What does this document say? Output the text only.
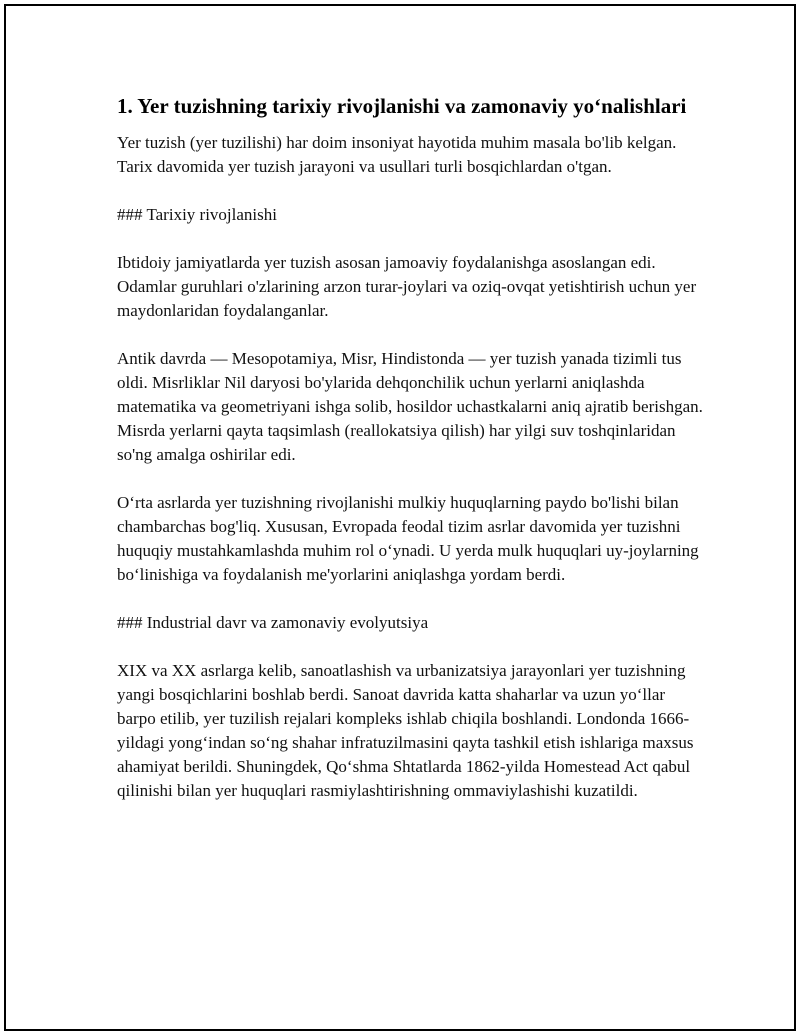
1. Yer tuzishning tarixiy rivojlanishi va zamonaviy yo‘nalishlari

Yer tuzish (yer tuzilishi) har doim insoniyat hayotida muhim masala bo'lib kelgan. Tarix davomida yer tuzish jarayoni va usullari turli bosqichlardan o'tgan.

### Tarixiy rivojlanishi

Ibtidoiy jamiyatlarda yer tuzish asosan jamoaviy foydalanishga asoslangan edi. Odamlar guruhlari o'zlarining arzon turar-joylari va oziq-ovqat yetishtirish uchun yer maydonlaridan foydalanganlar.

Antik davrda — Mesopotamiya, Misr, Hindistonda — yer tuzish yanada tizimli tus oldi. Misrliklar Nil daryosi bo'ylarida dehqonchilik uchun yerlarni aniqlashda matematika va geometriyani ishga solib, hosildor uchastkalarni aniq ajratib berishgan. Misrda yerlarni qayta taqsimlash (reallokatsiya qilish) har yilgi suv toshqinlaridan so'ng amalga oshirilar edi.

O‘rta asrlarda yer tuzishning rivojlanishi mulkiy huquqlarning paydo bo'lishi bilan chambarchas bog'liq. Xususan, Evropada feodal tizim asrlar davomida yer tuzishni huquqiy mustahkamlashda muhim rol o‘ynadi. U yerda mulk huquqlari uy-joylarning bo‘linishiga va foydalanish me'yorlarini aniqlashga yordam berdi.

### Industrial davr va zamonaviy evolyutsiya

XIX va XX asrlarga kelib, sanoatlashish va urbanizatsiya jarayonlari yer tuzishning yangi bosqichlarini boshlab berdi. Sanoat davrida katta shaharlar va uzun yo‘llar barpo etilib, yer tuzilish rejalari kompleks ishlab chiqila boshlandi. Londonda 1666-yildagi yong‘indan so‘ng shahar infratuzilmasini qayta tashkil etish ishlariga maxsus ahamiyat berildi. Shuningdek, Qo‘shma Shtatlarda 1862-yilda Homestead Act qabul qilinishi bilan yer huquqlari rasmiylashtirishning ommaviylashishi kuzatildi.
